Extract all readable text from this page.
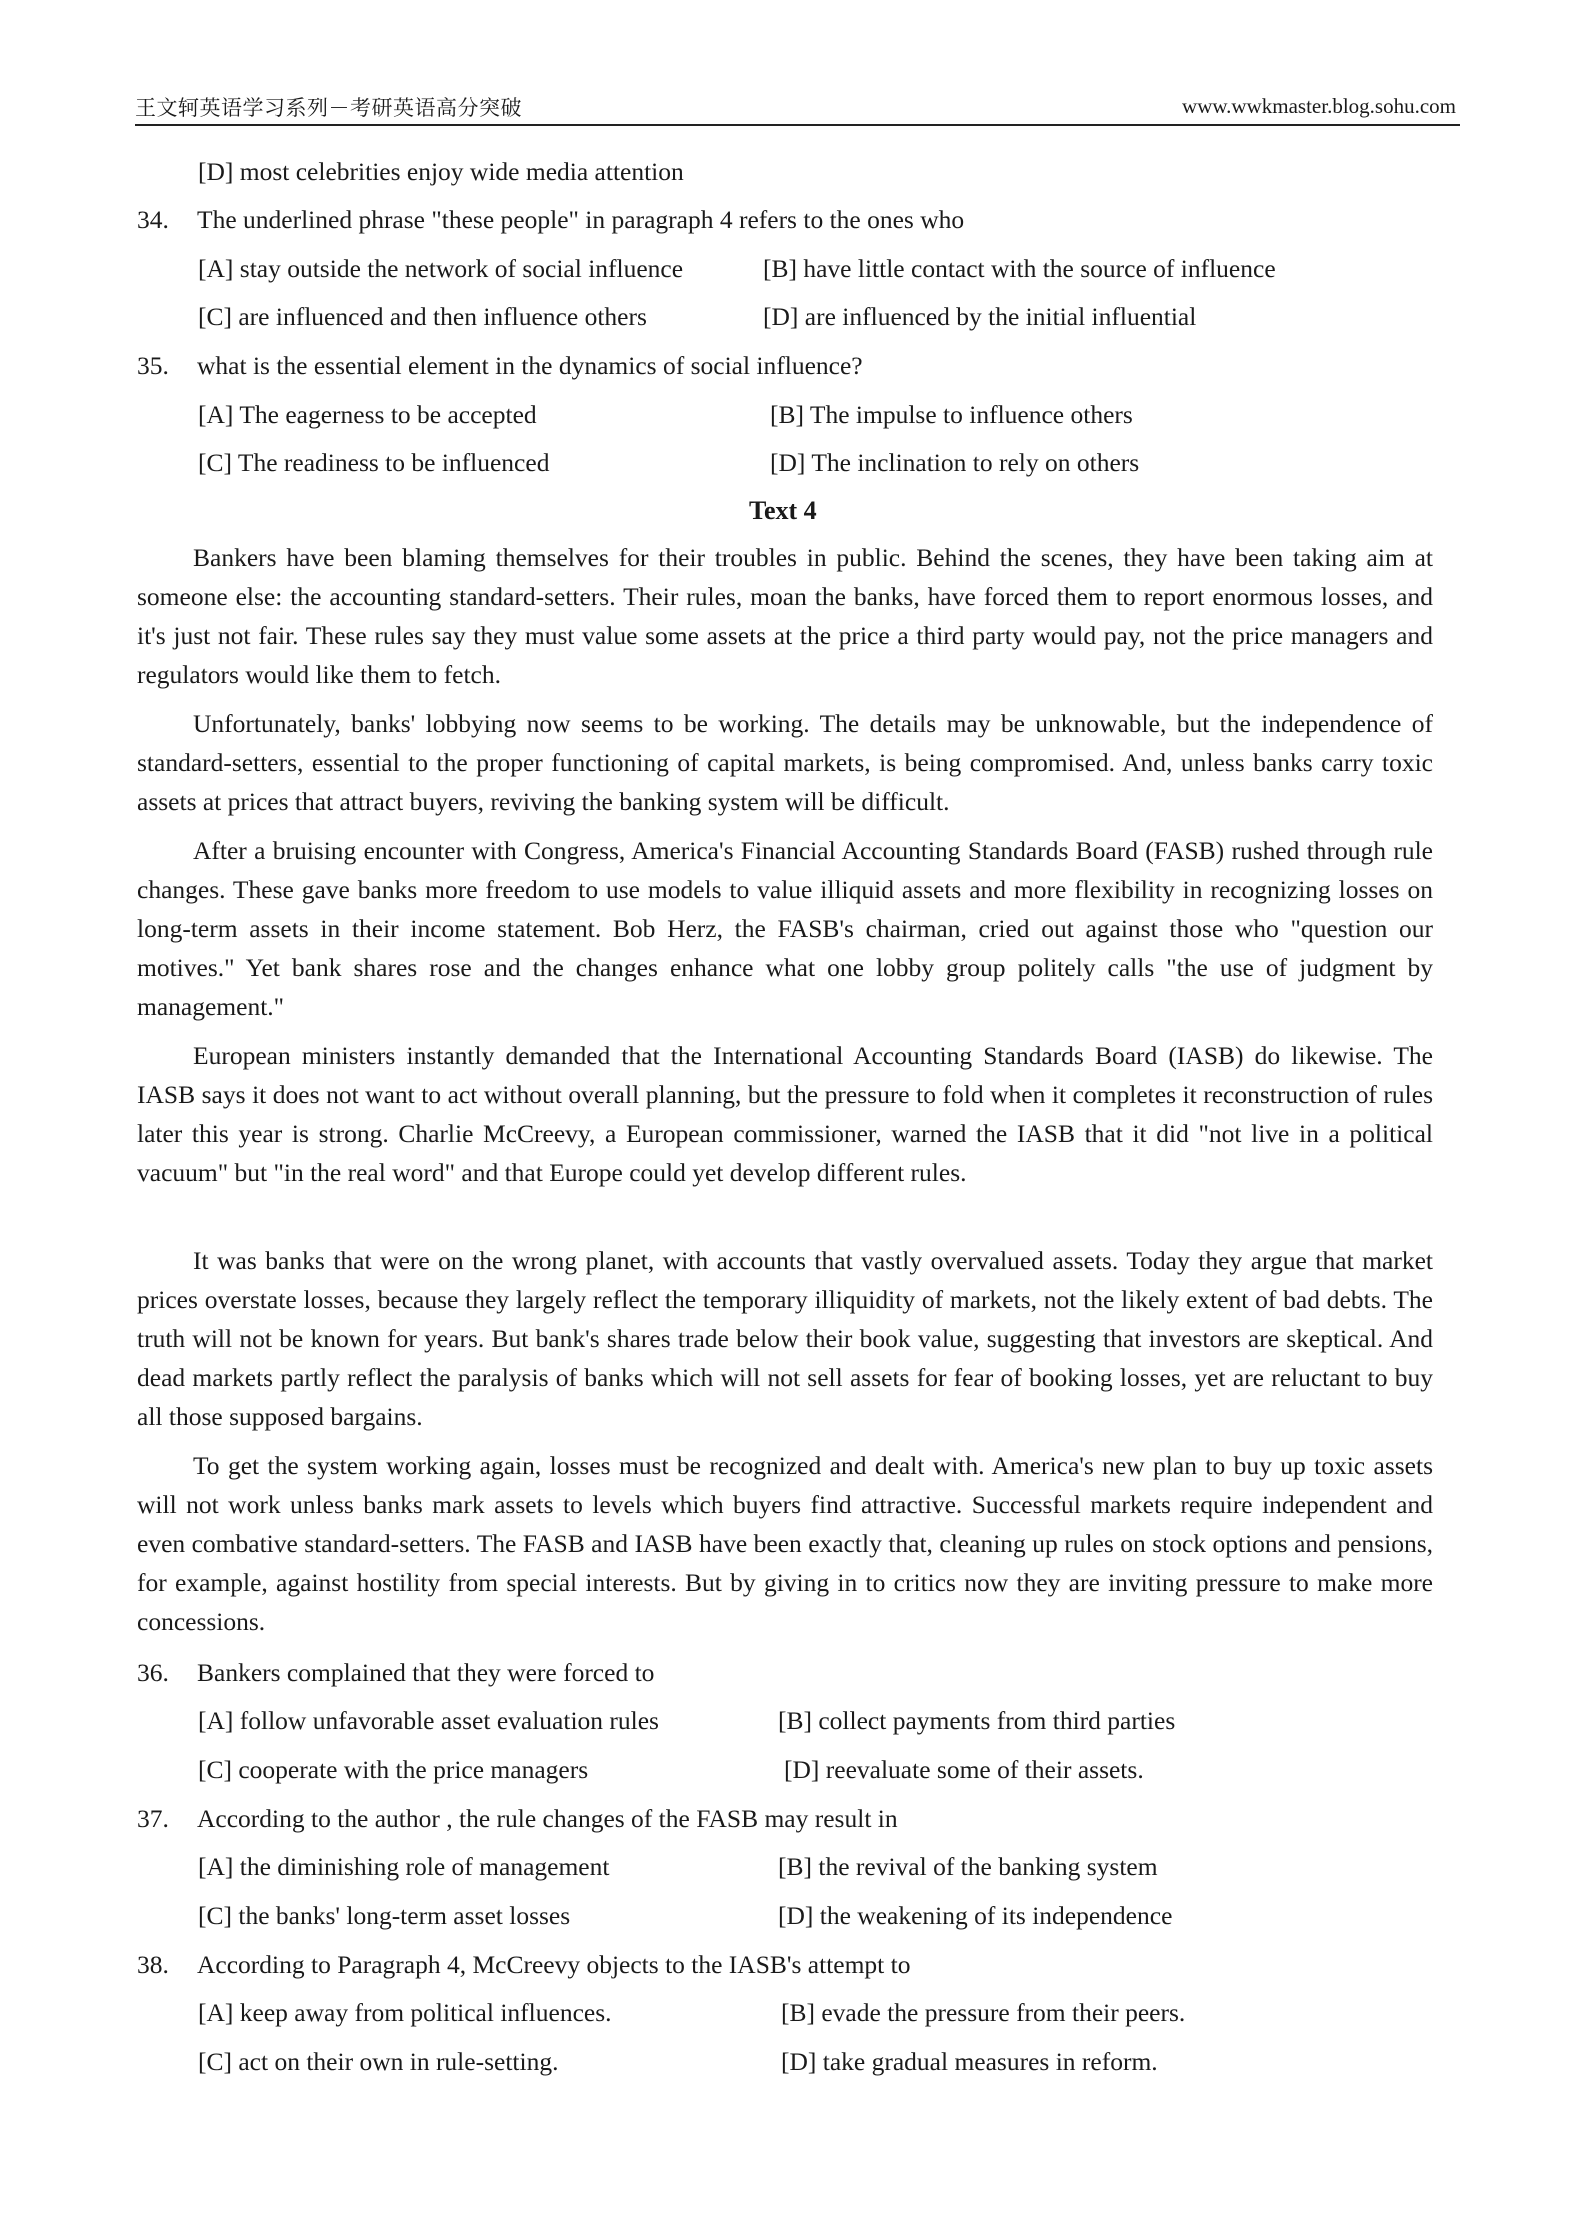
王文轲英语学习系列－考研英语高分突破	www.wwkmaster.blog.sohu.com
[D] most celebrities enjoy wide media attention
34. The underlined phrase "these people" in paragraph 4 refers to the ones who
[A] stay outside the network of social influence	[B] have little contact with the source of influence
[C] are influenced and then influence others	[D] are influenced by the initial influential
35. what is the essential element in the dynamics of social influence?
[A] The eagerness to be accepted	[B] The impulse to influence others
[C] The readiness to be influenced	[D] The inclination to rely on others
Text 4

Bankers have been blaming themselves for their troubles in public. Behind the scenes, they have been taking aim at someone else: the accounting standard-setters. Their rules, moan the banks, have forced them to report enormous losses, and it's just not fair. These rules say they must value some assets at the price a third party would pay, not the price managers and regulators would like them to fetch.

Unfortunately, banks' lobbying now seems to be working. The details may be unknowable, but the independence of standard-setters, essential to the proper functioning of capital markets, is being compromised. And, unless banks carry toxic assets at prices that attract buyers, reviving the banking system will be difficult.

After a bruising encounter with Congress, America's Financial Accounting Standards Board (FASB) rushed through rule changes. These gave banks more freedom to use models to value illiquid assets and more flexibility in recognizing losses on long-term assets in their income statement. Bob Herz, the FASB's chairman, cried out against those who "question our motives." Yet bank shares rose and the changes enhance what one lobby group politely calls "the use of judgment by management."

European ministers instantly demanded that the International Accounting Standards Board (IASB) do likewise. The IASB says it does not want to act without overall planning, but the pressure to fold when it completes it reconstruction of rules later this year is strong. Charlie McCreevy, a European commissioner, warned the IASB that it did "not live in a political vacuum" but "in the real word" and that Europe could yet develop different rules.

It was banks that were on the wrong planet, with accounts that vastly overvalued assets. Today they argue that market prices overstate losses, because they largely reflect the temporary illiquidity of markets, not the likely extent of bad debts. The truth will not be known for years. But bank's shares trade below their book value, suggesting that investors are skeptical. And dead markets partly reflect the paralysis of banks which will not sell assets for fear of booking losses, yet are reluctant to buy all those supposed bargains.

To get the system working again, losses must be recognized and dealt with. America's new plan to buy up toxic assets will not work unless banks mark assets to levels which buyers find attractive. Successful markets require independent and even combative standard-setters. The FASB and IASB have been exactly that, cleaning up rules on stock options and pensions, for example, against hostility from special interests. But by giving in to critics now they are inviting pressure to make more concessions.

36. Bankers complained that they were forced to
[A] follow unfavorable asset evaluation rules	[B] collect payments from third parties
[C] cooperate with the price managers	[D] reevaluate some of their assets.
37. According to the author , the rule changes of the FASB may result in
[A] the diminishing role of management	[B] the revival of the banking system
[C] the banks' long-term asset losses	[D] the weakening of its independence
38. According to Paragraph 4, McCreevy objects to the IASB's attempt to
[A] keep away from political influences.	[B] evade the pressure from their peers.
[C] act on their own in rule-setting.	[D] take gradual measures in reform.
